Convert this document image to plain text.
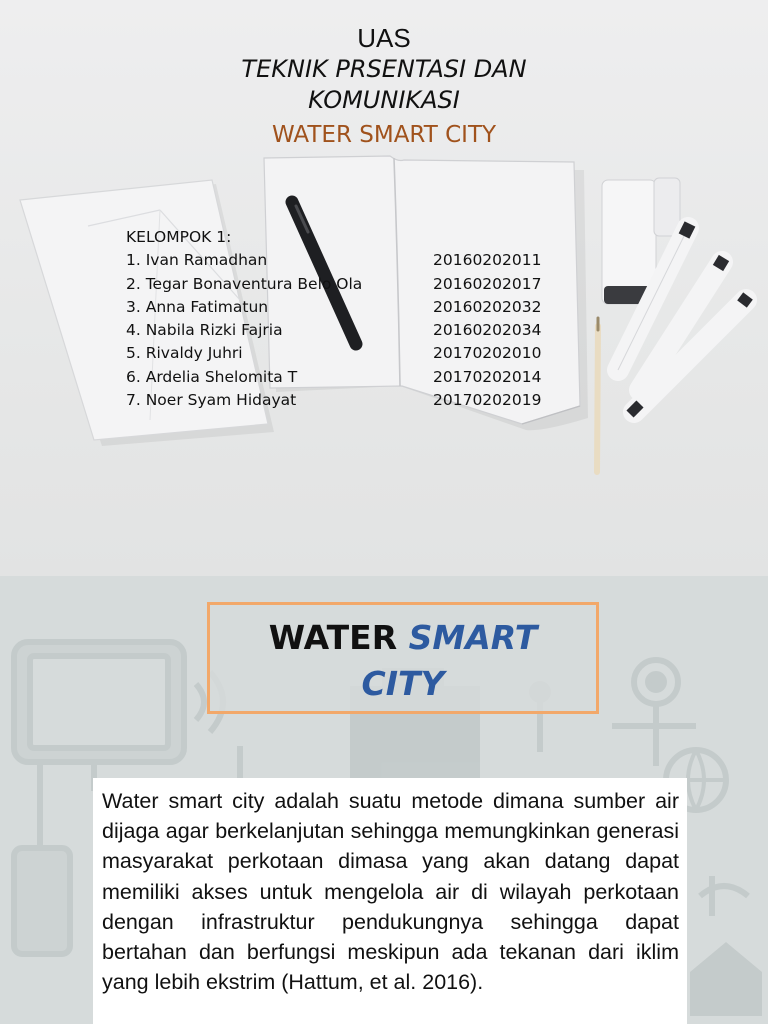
UAS
TEKNIK PRSENTASI DAN KOMUNIKASI
WATER SMART CITY
KELOMPOK 1:
1. Ivan Ramadhan	20160202011
2. Tegar Bonaventura Belo Ola	20160202017
3. Anna Fatimatun	20160202032
4. Nabila Rizki Fajria	20160202034
5. Rivaldy Juhri	20170202010
6. Ardelia Shelomita T	20170202014
7. Noer Syam Hidayat	20170202019
WATER SMART
CITY

Water smart city adalah suatu metode dimana sumber air dijaga agar berkelanjutan sehingga memungkinkan generasi masyarakat perkotaan dimasa yang akan datang dapat memiliki akses untuk mengelola air di wilayah perkotaan dengan infrastruktur pendukungnya sehingga dapat bertahan dan berfungsi meskipun ada tekanan dari iklim yang lebih ekstrim (Hattum, et al. 2016).
